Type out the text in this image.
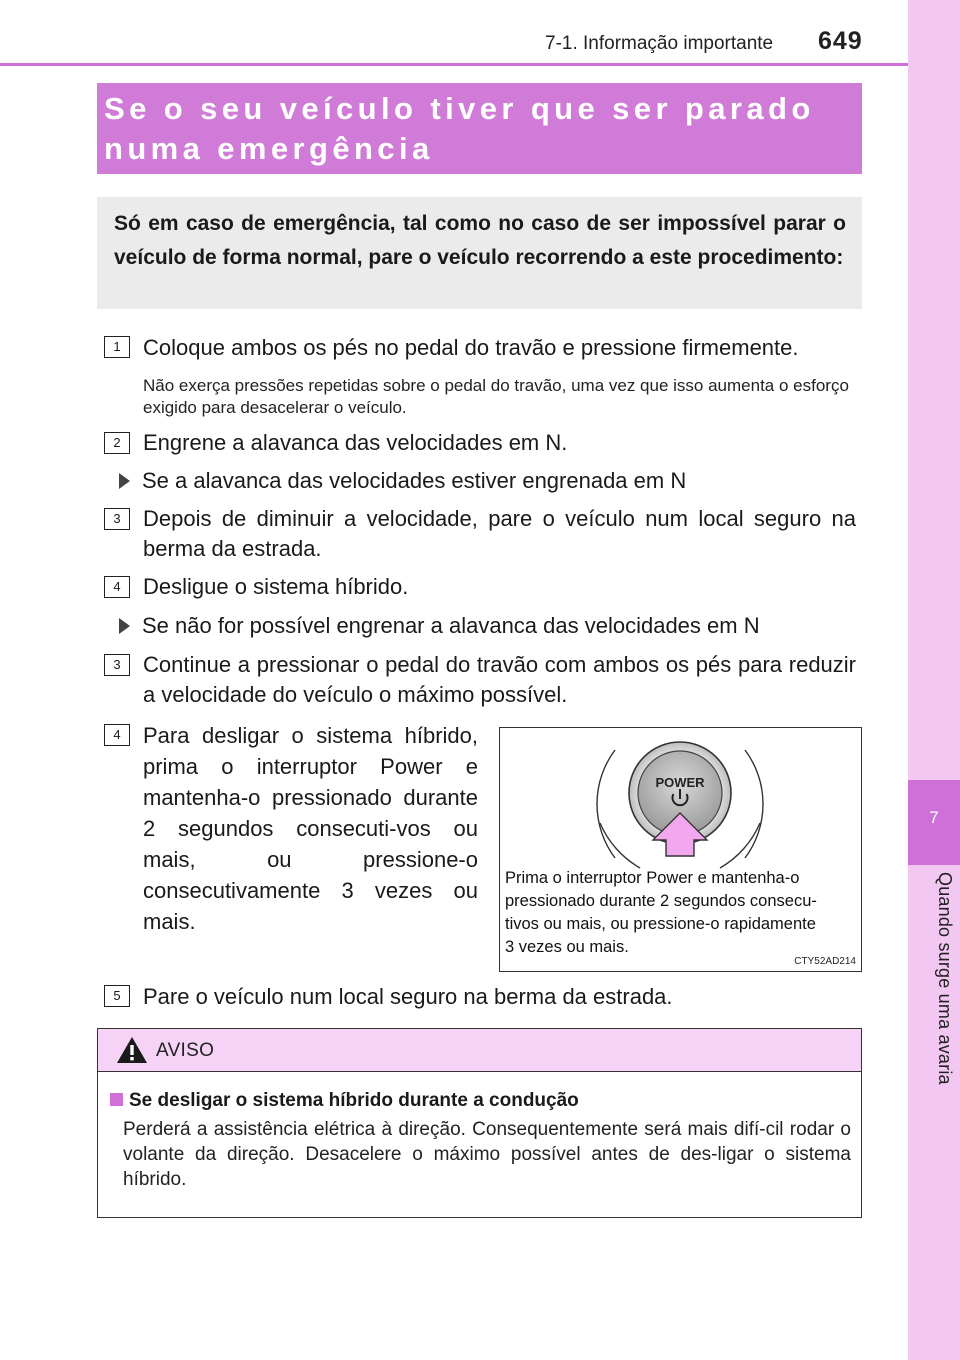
7
Quando surge uma avaria
7-1. Informação importante 649
Se o seu veículo tiver que ser parado numa emergência
Só em caso de emergência, tal como no caso de ser impossível parar o veículo de forma normal, pare o veículo recorrendo a este procedimento:
1	Coloque ambos os pés no pedal do travão e pressione firmemente.
Não exerça pressões repetidas sobre o pedal do travão, uma vez que isso aumenta o esforço exigido para desacelerar o veículo.
2	Engrene a alavanca das velocidades em N.
Se a alavanca das velocidades estiver engrenada em N
3	Depois de diminuir a velocidade, pare o veículo num local seguro na berma da estrada.
4	Desligue o sistema híbrido.
Se não for possível engrenar a alavanca das velocidades em N
3	Continue a pressionar o pedal do travão com ambos os pés para reduzir a velocidade do veículo o máximo possível.
4	Para desligar o sistema híbrido, prima o interruptor Power e mantenha-o pressionado durante 2 segundos consecuti-vos ou mais, ou pressione-o consecutivamente 3 vezes ou mais.
POWER
Prima o interruptor Power e mantenha-o
pressionado durante 2 segundos consecu-
tivos ou mais, ou pressione-o rapidamente
3 vezes ou mais.
CTY52AD214
5	Pare o veículo num local seguro na berma da estrada.
AVISO
Se desligar o sistema híbrido durante a condução
Perderá a assistência elétrica à direção. Consequentemente será mais difí-cil rodar o volante da direção. Desacelere o máximo possível antes de des-ligar o sistema híbrido.
